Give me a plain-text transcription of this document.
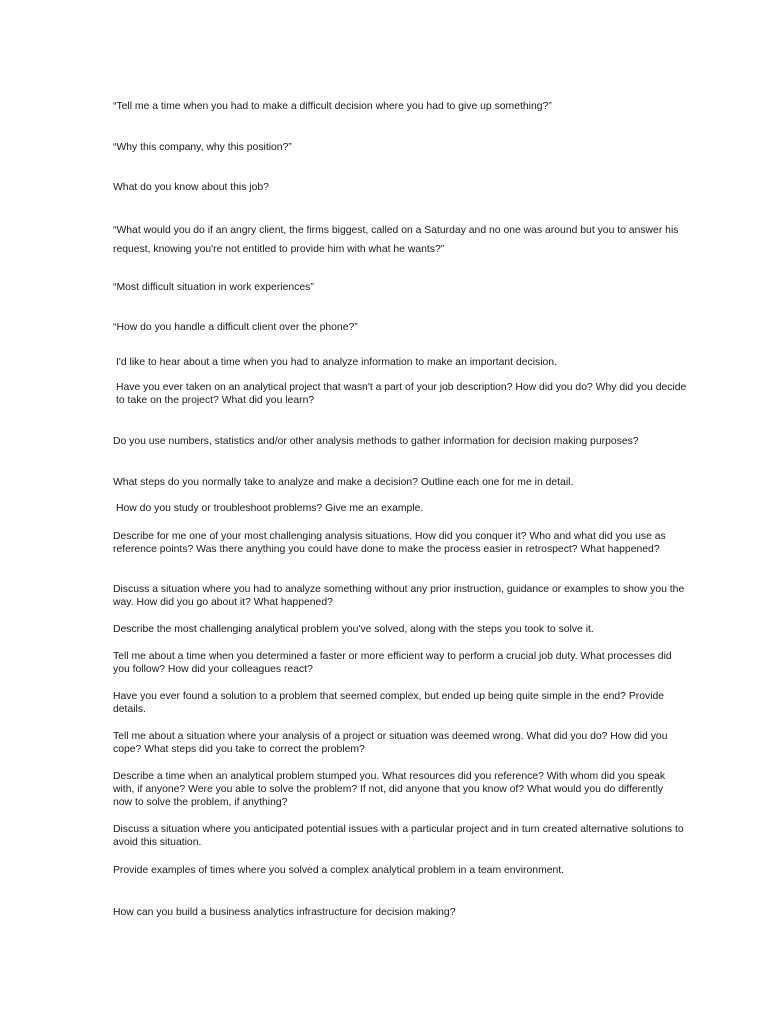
“Tell me a time when you had to make a difficult decision where you had to give up something?”

“Why this company, why this position?”

What do you know about this job?

“What would you do if an angry client, the firms biggest, called on a Saturday and no one was around but you to answer his request, knowing you're not entitled to provide him with what he wants?”

“Most difficult situation in work experiences”

“How do you handle a difficult client over the phone?”

I'd like to hear about a time when you had to analyze information to make an important decision.

Have you ever taken on an analytical project that wasn't a part of your job description? How did you do? Why did you decide to take on the project? What did you learn?

Do you use numbers, statistics and/or other analysis methods to gather information for decision making purposes?

What steps do you normally take to analyze and make a decision? Outline each one for me in detail.

How do you study or troubleshoot problems? Give me an example.

Describe for me one of your most challenging analysis situations. How did you conquer it? Who and what did you use as reference points? Was there anything you could have done to make the process easier in retrospect? What happened?

Discuss a situation where you had to analyze something without any prior instruction, guidance or examples to show you the way. How did you go about it? What happened?

Describe the most challenging analytical problem you've solved, along with the steps you took to solve it.

Tell me about a time when you determined a faster or more efficient way to perform a crucial job duty. What processes did you follow? How did your colleagues react?

Have you ever found a solution to a problem that seemed complex, but ended up being quite simple in the end? Provide details.

Tell me about a situation where your analysis of a project or situation was deemed wrong. What did you do? How did you cope? What steps did you take to correct the problem?

Describe a time when an analytical problem stumped you. What resources did you reference? With whom did you speak with, if anyone? Were you able to solve the problem? If not, did anyone that you know of? What would you do differently now to solve the problem, if anything?

Discuss a situation where you anticipated potential issues with a particular project and in turn created alternative solutions to avoid this situation.

Provide examples of times where you solved a complex analytical problem in a team environment.

How can you build a business analytics infrastructure for decision making?
